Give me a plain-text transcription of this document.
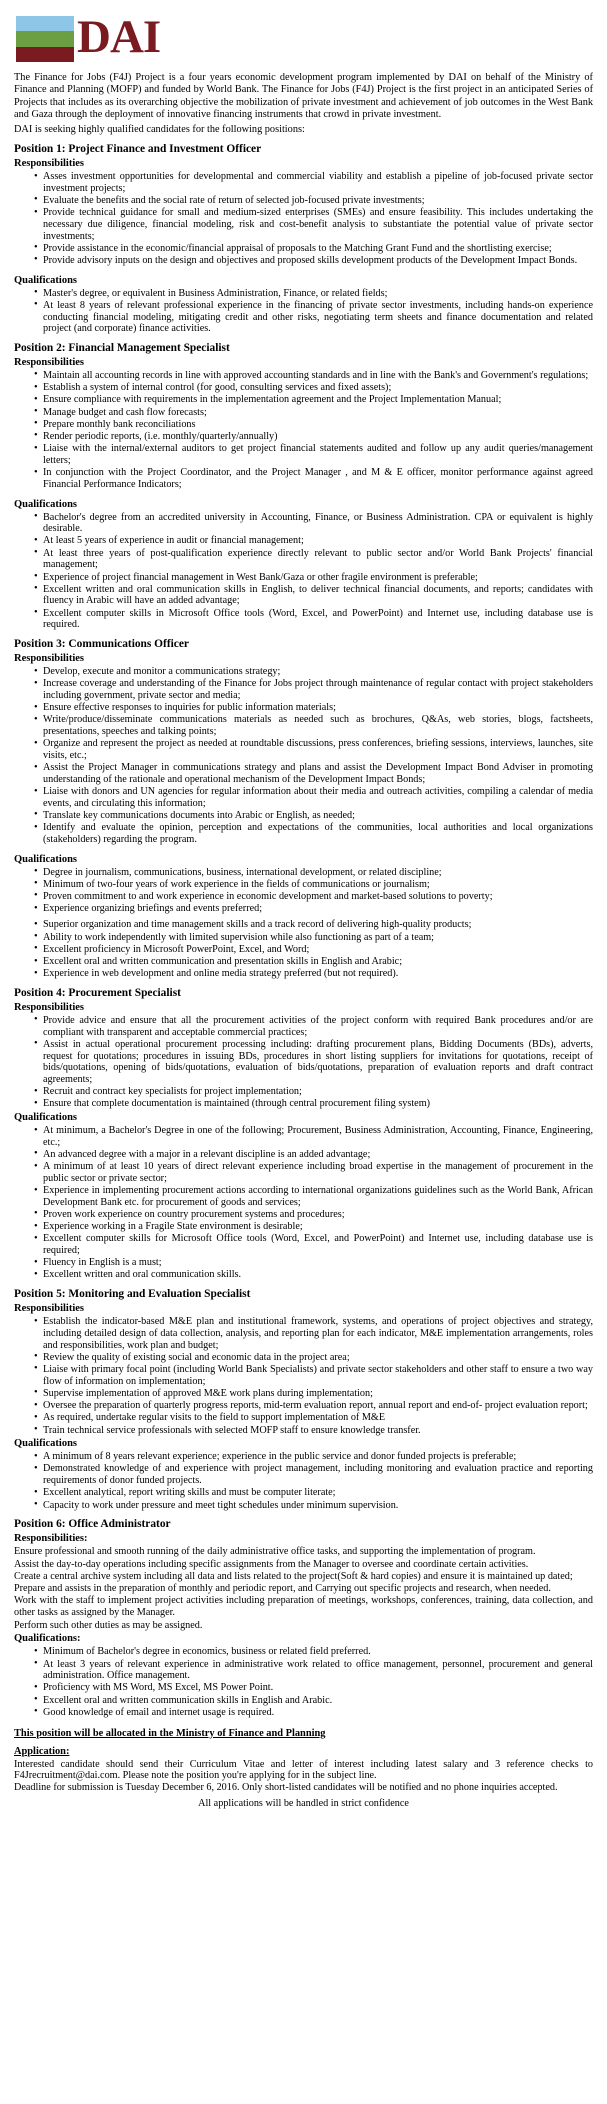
DAI

The Finance for Jobs (F4J) Project is a four years economic development program implemented by DAI on behalf of the Ministry of Finance and Planning (MOFP) and funded by World Bank. The Finance for Jobs (F4J) Project is the first project in an anticipated Series of Projects that includes as its overarching objective the mobilization of private investment and achievement of job outcomes in the West Bank and Gaza through the deployment of innovative financing instruments that crowd in private investment.

DAI is seeking highly qualified candidates for the following positions:
Position 1: Project Finance and Investment Officer
Responsibilities
• Asses investment opportunities for developmental and commercial viability and establish a pipeline of job-focused private sector investment projects;
• Evaluate the benefits and the social rate of return of selected job-focused private investments;
• Provide technical guidance for small and medium-sized enterprises (SMEs) and ensure feasibility. This includes undertaking the necessary due diligence, financial modeling, risk and cost-benefit analysis to substantiate the potential value of private sector investments;
• Provide assistance in the economic/financial appraisal of proposals to the Matching Grant Fund and the shortlisting exercise;
• Provide advisory inputs on the design and objectives and proposed skills development products of the Development Impact Bonds.
Qualifications
• Master's degree, or equivalent in Business Administration, Finance, or related fields;
• At least 8 years of relevant professional experience in the financing of private sector investments, including hands-on experience conducting financial modeling, mitigating credit and other risks, negotiating term sheets and finance documentation and related project (and corporate) finance activities.
Position 2: Financial Management Specialist
Responsibilities
• Maintain all accounting records in line with approved accounting standards and in line with the Bank's and Government's regulations;
• Establish a system of internal control (for good, consulting services and fixed assets);
• Ensure compliance with requirements in the implementation agreement and the Project Implementation Manual;
• Manage budget and cash flow forecasts;
• Prepare monthly bank reconciliations
• Render periodic reports, (i.e. monthly/quarterly/annually)
• Liaise with the internal/external auditors to get project financial statements audited and follow up any audit queries/management letters;
• In conjunction with the Project Coordinator, and the Project Manager , and M & E officer, monitor performance against agreed Financial Performance Indicators;
Qualifications
• Bachelor's degree from an accredited university in Accounting, Finance, or Business Administration. CPA or equivalent is highly desirable.
• At least 5 years of experience in audit or financial management;
• At least three years of post-qualification experience directly relevant to public sector and/or World Bank Projects' financial management;
• Experience of project financial management in West Bank/Gaza or other fragile environment is preferable;
• Excellent written and oral communication skills in English, to deliver technical financial documents, and reports; candidates with fluency in Arabic will have an added advantage;
• Excellent computer skills in Microsoft Office tools (Word, Excel, and PowerPoint) and Internet use, including database use is required.
Position 3: Communications Officer
Responsibilities
• Develop, execute and monitor a communications strategy;
• Increase coverage and understanding of the Finance for Jobs project through maintenance of regular contact with project stakeholders including government, private sector and media;
• Ensure effective responses to inquiries for public information materials;
• Write/produce/disseminate communications materials as needed such as brochures, Q&As, web stories, blogs, factsheets, presentations, speeches and talking points;
• Organize and represent the project as needed at roundtable discussions, press conferences, briefing sessions, interviews, launches, site visits, etc.;
• Assist the Project Manager in communications strategy and plans and assist the Development Impact Bond Adviser in promoting understanding of the rationale and operational mechanism of the Development Impact Bonds;
• Liaise with donors and UN agencies for regular information about their media and outreach activities, compiling a calendar of media events, and circulating this information;
• Translate key communications documents into Arabic or English, as needed;
• Identify and evaluate the opinion, perception and expectations of the communities, local authorities and local organizations (stakeholders) regarding the program.
Qualifications
• Degree in journalism, communications, business, international development, or related discipline;
• Minimum of two-four years of work experience in the fields of communications or journalism;
• Proven commitment to and work experience in economic development and market-based solutions to poverty;
• Experience organizing briefings and events preferred;
• Superior organization and time management skills and a track record of delivering high-quality products;
• Ability to work independently with limited supervision while also functioning as part of a team;
• Excellent proficiency in Microsoft PowerPoint, Excel, and Word;
• Excellent oral and written communication and presentation skills in English and Arabic;
• Experience in web development and online media strategy preferred (but not required).
Position 4: Procurement Specialist
Responsibilities
• Provide advice and ensure that all the procurement activities of the project conform with required Bank procedures and/or are compliant with transparent and acceptable commercial practices;
• Assist in actual operational procurement processing including: drafting procurement plans, Bidding Documents (BDs), adverts, request for quotations; procedures in issuing BDs, procedures in short listing suppliers for invitations for quotations, receipt of bids/quotations, opening of bids/quotations, evaluation of bids/quotations, preparation of evaluation reports and draft contract agreements;
• Recruit and contract key specialists for project implementation;
• Ensure that complete documentation is maintained (through central procurement filing system)
Qualifications
• At minimum, a Bachelor's Degree in one of the following; Procurement, Business Administration, Accounting, Finance, Engineering, etc.;
• An advanced degree with a major in a relevant discipline is an added advantage;
• A minimum of at least 10 years of direct relevant experience including broad expertise in the management of procurement in the public sector or private sector;
• Experience in implementing procurement actions according to international organizations guidelines such as the World Bank, African Development Bank etc. for procurement of goods and services;
• Proven work experience on country procurement systems and procedures;
• Experience working in a Fragile State environment is desirable;
• Excellent computer skills for Microsoft Office tools (Word, Excel, and PowerPoint) and Internet use, including database use is required;
• Fluency in English is a must;
• Excellent written and oral communication skills.
Position 5: Monitoring and Evaluation Specialist
Responsibilities
• Establish the indicator-based M&E plan and institutional framework, systems, and operations of project objectives and strategy, including detailed design of data collection, analysis, and reporting plan for each indicator, M&E implementation arrangements, roles and responsibilities, work plan and budget;
• Review the quality of existing social and economic data in the project area;
• Liaise with primary focal point (including World Bank Specialists) and private sector stakeholders and other staff to ensure a two way flow of information on implementation;
• Supervise implementation of approved M&E work plans during implementation;
• Oversee the preparation of quarterly progress reports, mid-term evaluation report, annual report and end-of- project evaluation report;
• As required, undertake regular visits to the field to support implementation of M&E
• Train technical service professionals with selected MOFP staff to ensure knowledge transfer.
Qualifications
• A minimum of 8 years relevant experience; experience in the public service and donor funded projects is preferable;
• Demonstrated knowledge of and experience with project management, including monitoring and evaluation practice and reporting requirements of donor funded projects.
• Excellent analytical, report writing skills and must be computer literate;
• Capacity to work under pressure and meet tight schedules under minimum supervision.
Position 6: Office Administrator
Responsibilities:

Ensure professional and smooth running of the daily administrative office tasks, and supporting the implementation of program.

Assist the day-to-day operations including specific assignments from the Manager to oversee and coordinate certain activities.

Create a central archive system including all data and lists related to the project(Soft & hard copies) and ensure it is maintained up dated;

Prepare and assists in the preparation of monthly and periodic report, and Carrying out specific projects and research, when needed.

Work with the staff to implement project activities including preparation of meetings, workshops, conferences, training, data collection, and other tasks as assigned by the Manager.

Perform such other duties as may be assigned.

Qualifications:
• Minimum of Bachelor's degree in economics, business or related field preferred.
• At least 3 years of relevant experience in administrative work related to office management, personnel, procurement and general administration. Office management.
• Proficiency with MS Word, MS Excel, MS Power Point.
• Excellent oral and written communication skills in English and Arabic.
• Good knowledge of email and internet usage is required.
This position will be allocated in the Ministry of Finance and Planning
Application:

Interested candidate should send their Curriculum Vitae and letter of interest including latest salary and 3 reference checks to F4Jrecruitment@dai.com. Please note the position you're applying for in the subject line.

Deadline for submission is Tuesday December 6, 2016. Only short-listed candidates will be notified and no phone inquiries accepted.

All applications will be handled in strict confidence
